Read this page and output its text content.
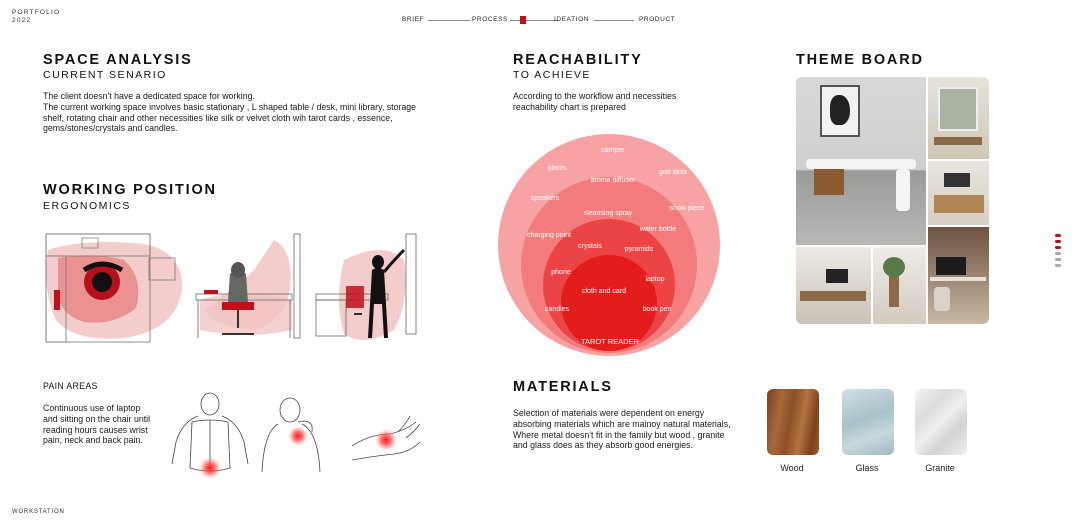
PORTFOLIO
2022
WORKSTATION
BRIEF	PROCESS	IDEATION	PRODUCT
SPACE ANALYSIS
CURRENT SENARIO
The client doesn't have a dedicated space for working.
The current working space involves basic stationary , L shaped table / desk, mini library, storage shelf, rotating chair and other necessities like silk or velvet cloth wih tarot cards , essence, gems/stones/crystals and candles.
WORKING POSITION
ERGONOMICS
PAIN AREAS
Continuous use of laptop and sitting on the chair until reading hours causes wrist pain, neck and back pain.
REACHABILITY
TO ACHIEVE
According to the workflow and necessities reachability chart is prepared
camper
plants
god idols
aroma diffuser
speakers
show piece
cleansing spray
water bottle
charging point
crystals	pyramids
phone
laptop
cloth and card
candles	book pen
TAROT READER
THEME BOARD
MATERIALS
Selection of materials were dependent on energy absorbing materials which are mainoy natural materials, Where metal doesn't fit in the family but wood , granite and glass does as they absorb good energies.
Wood	Glass	Granite
